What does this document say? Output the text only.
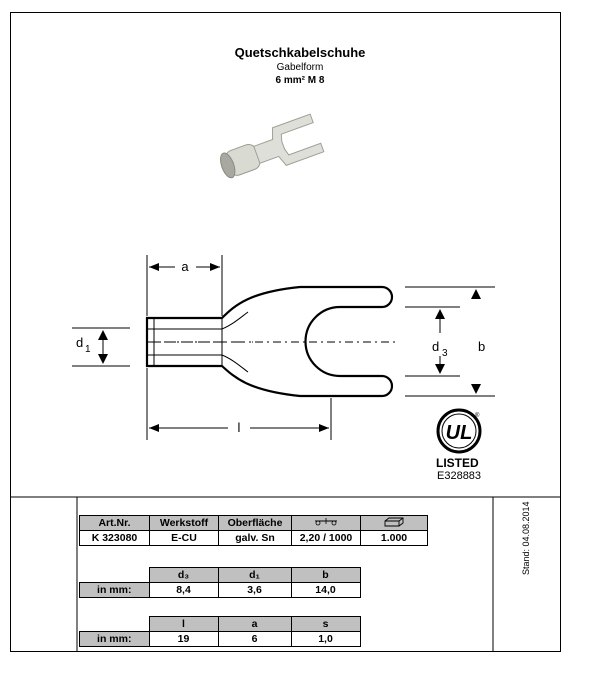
Quetschkabelschuhe
Gabelform
6 mm² M 8
a
l
b
d 1	d 3
UL
®
LISTED
E328883
Stand: 04.08.2014
Art.Nr.	Werkstoff	Oberfläche		
K 323080	E-CU	galv. Sn	2,20 / 1000	1.000
	d₃	d₁	b
in mm:	8,4	3,6	14,0
	l	a	s
in mm:	19	6	1,0
